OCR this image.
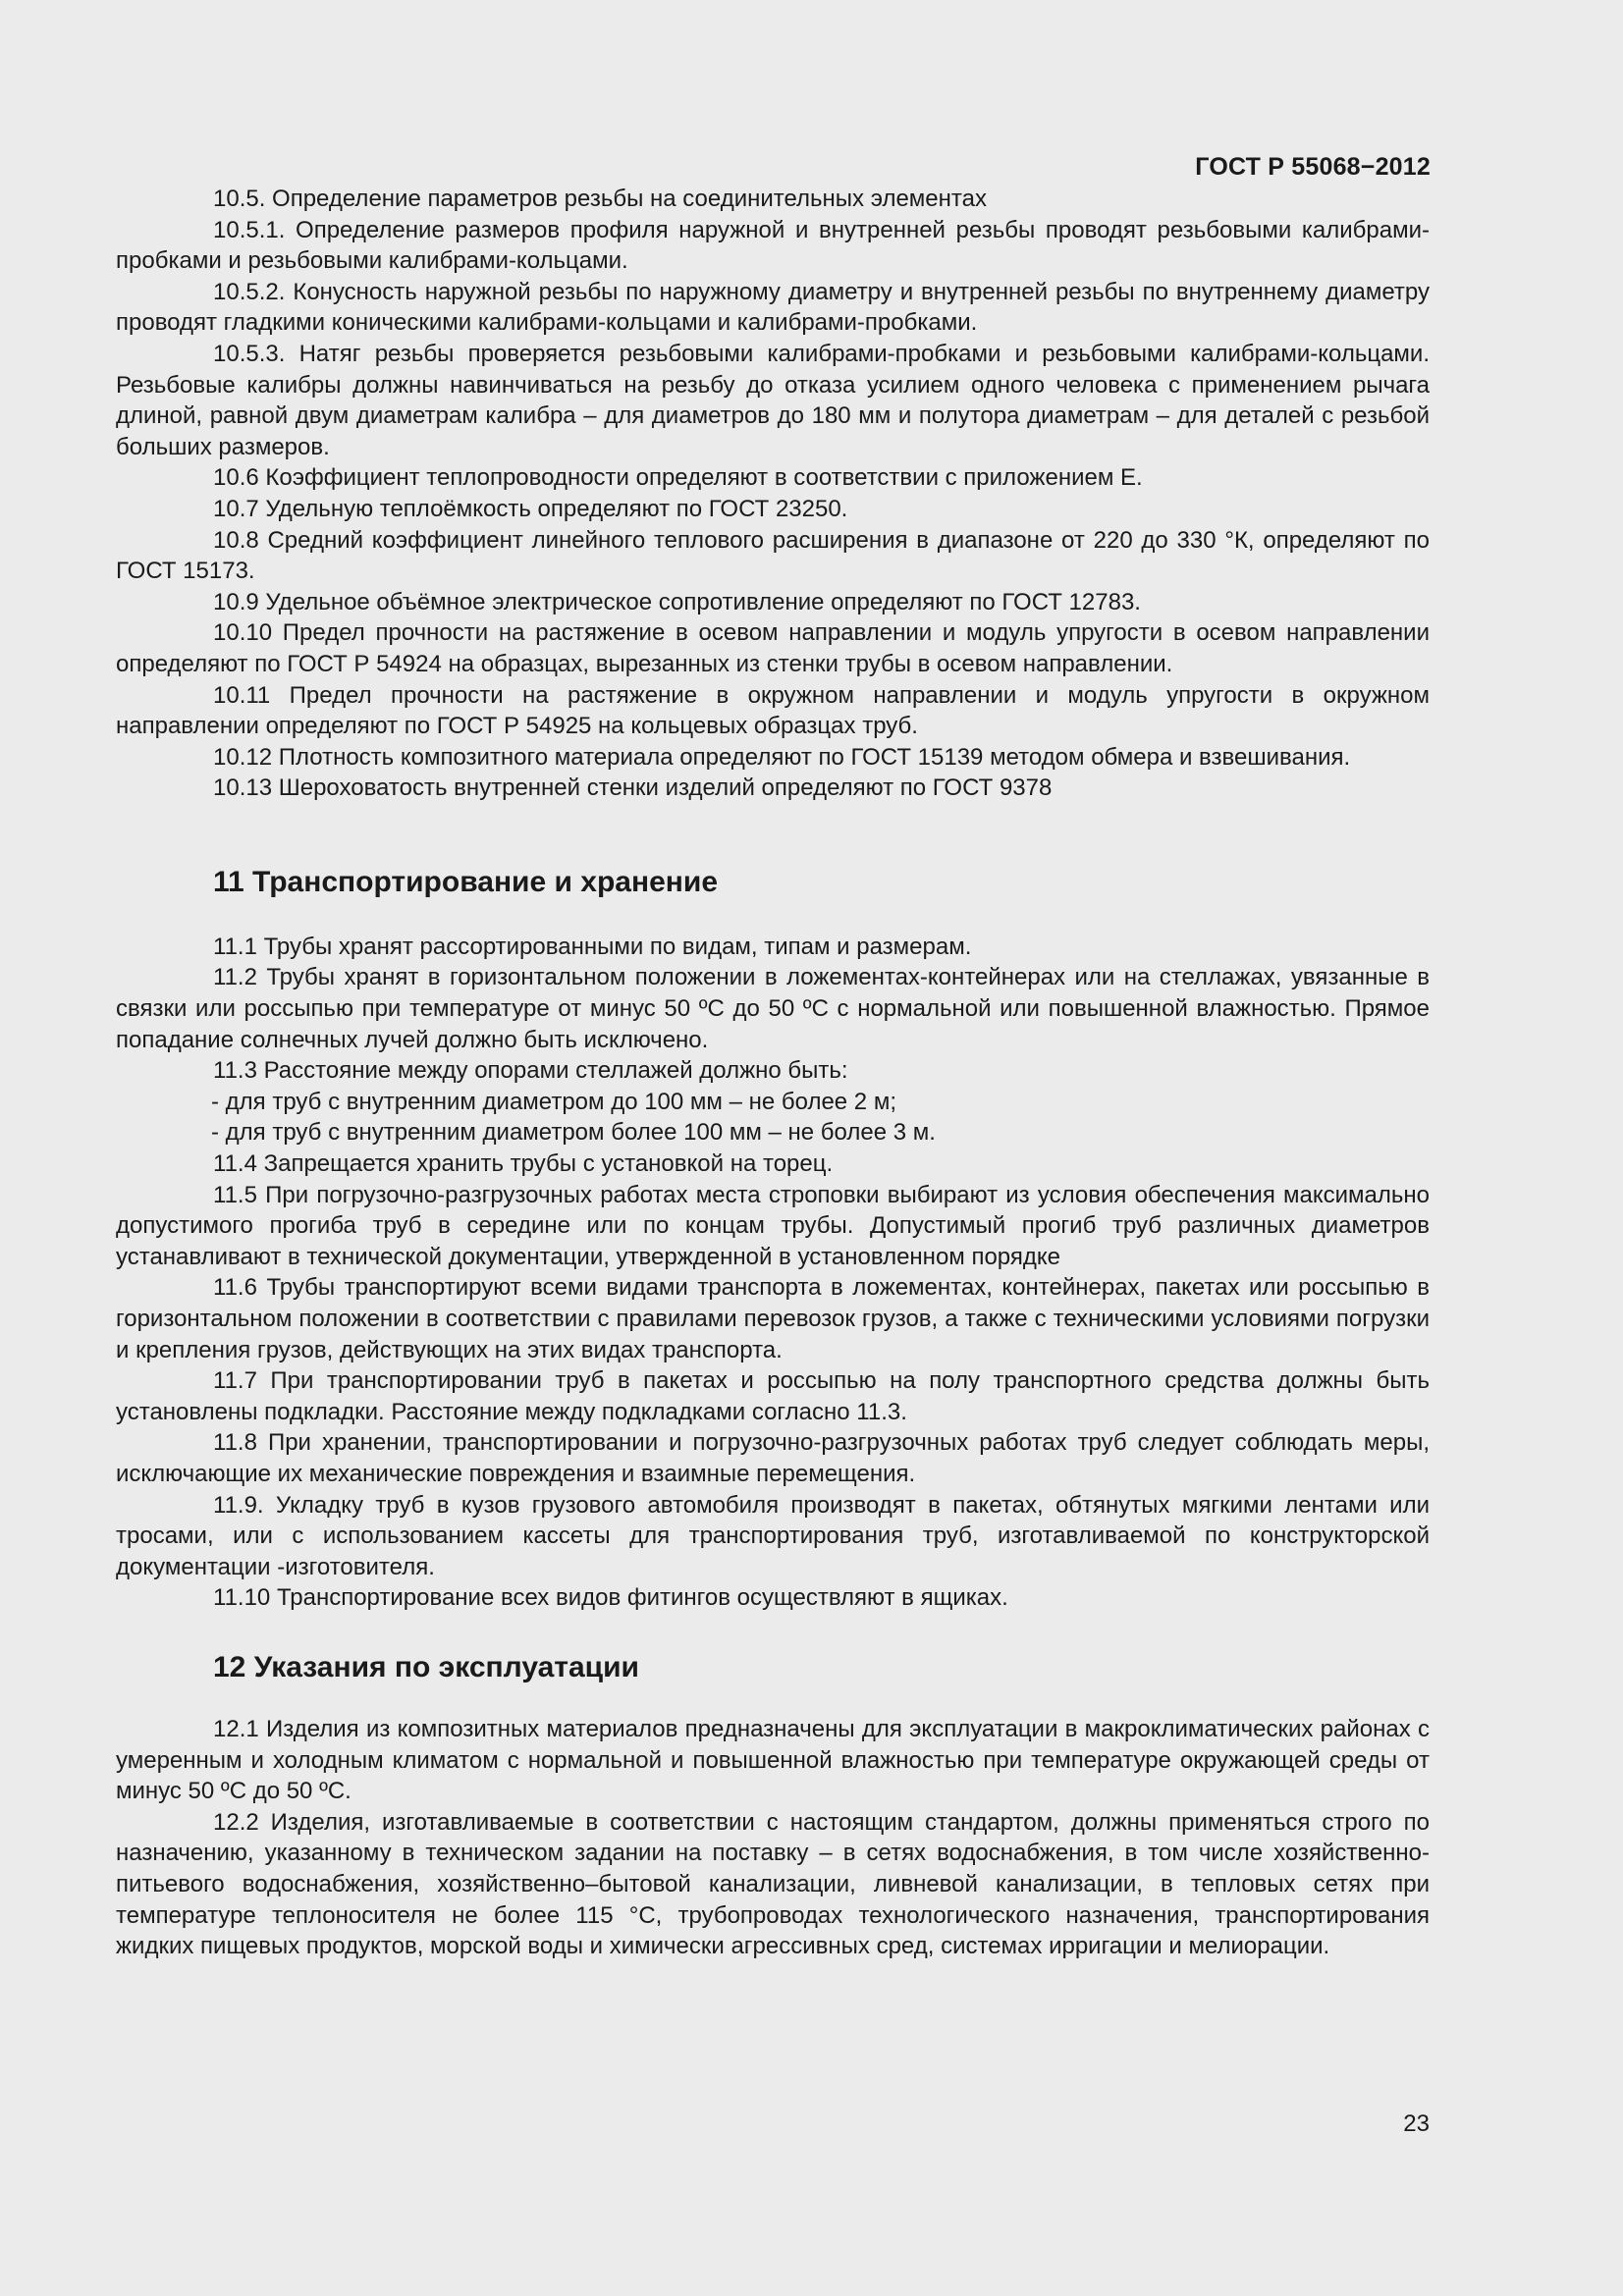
ГОСТ Р 55068−2012

10.5. Определение параметров резьбы на соединительных элементах

10.5.1. Определение размеров профиля наружной и внутренней резьбы проводят резьбовыми калибрами-пробками и резьбовыми калибрами-кольцами.

10.5.2. Конусность наружной резьбы по наружному диаметру и внутренней резьбы по внутреннему диаметру проводят гладкими коническими калибрами-кольцами и калибрами-пробками.

10.5.3. Натяг резьбы проверяется резьбовыми калибрами-пробками и резьбовыми калибрами-кольцами. Резьбовые калибры должны навинчиваться на резьбу до отказа усилием одного человека с применением рычага длиной, равной двум диаметрам калибра – для диаметров до 180 мм и полутора диаметрам – для деталей с резьбой больших размеров.

10.6 Коэффициент теплопроводности определяют в соответствии с приложением Е.

10.7 Удельную теплоёмкость определяют по ГОСТ 23250.

10.8 Средний коэффициент линейного теплового расширения в диапазоне от 220 до 330 °К, определяют по ГОСТ 15173.

10.9 Удельное объёмное электрическое сопротивление определяют по ГОСТ 12783.

10.10 Предел прочности на растяжение в осевом направлении и модуль упругости в осевом направлении определяют по ГОСТ Р 54924 на образцах, вырезанных из стенки трубы в осевом направлении.

10.11 Предел прочности на растяжение в окружном направлении и модуль упругости в окружном направлении определяют по ГОСТ Р 54925 на кольцевых образцах труб.

10.12 Плотность композитного материала определяют по ГОСТ 15139 методом обмера и взвешивания.

10.13 Шероховатость внутренней стенки изделий определяют по ГОСТ 9378

11 Транспортирование и хранение

11.1 Трубы хранят рассортированными по видам, типам и размерам.

11.2 Трубы хранят в горизонтальном положении в ложементах-контейнерах или на стеллажах, увязанные в связки или россыпью при температуре от минус 50 ºС до 50 ºС с нормальной или повышенной влажностью. Прямое попадание солнечных лучей должно быть исключено.

11.3 Расстояние между опорами стеллажей должно быть:

- для труб с внутренним диаметром до 100 мм – не более 2 м;

- для труб с внутренним диаметром более 100 мм – не более 3 м.

11.4 Запрещается хранить трубы с установкой на торец.

11.5 При погрузочно-разгрузочных работах места строповки выбирают из условия обеспечения максимально допустимого прогиба труб в середине или по концам трубы. Допустимый прогиб труб различных диаметров устанавливают в технической документации, утвержденной в установленном порядке

11.6 Трубы транспортируют всеми видами транспорта в ложементах, контейнерах, пакетах или россыпью в горизонтальном положении в соответствии с правилами перевозок грузов, а также с техническими условиями погрузки и крепления грузов, действующих на этих видах транспорта.

11.7 При транспортировании труб в пакетах и россыпью на полу транспортного средства должны быть установлены подкладки. Расстояние между подкладками согласно 11.3.

11.8 При хранении, транспортировании и погрузочно-разгрузочных работах труб следует соблюдать меры, исключающие их механические повреждения и взаимные перемещения.

11.9. Укладку труб в кузов грузового автомобиля производят в пакетах, обтянутых мягкими лентами или тросами, или с использованием кассеты для транспортирования труб, изготавливаемой по конструкторской документации -изготовителя.

11.10 Транспортирование всех видов фитингов осуществляют в ящиках.

12 Указания по эксплуатации

12.1 Изделия из композитных материалов предназначены для эксплуатации в макроклиматических районах с умеренным и холодным климатом с нормальной и повышенной влажностью при температуре окружающей среды от минус 50 ºС до 50 ºС.

12.2 Изделия, изготавливаемые в соответствии с настоящим стандартом, должны применяться строго по назначению, указанному в техническом задании на поставку – в сетях водоснабжения, в том числе хозяйственно-питьевого водоснабжения, хозяйственно–бытовой канализации, ливневой канализации, в тепловых сетях при температуре теплоносителя не более 115 °С, трубопроводах технологического назначения, транспортирования жидких пищевых продуктов, морской воды и химически агрессивных сред, системах ирригации и мелиорации.

23
